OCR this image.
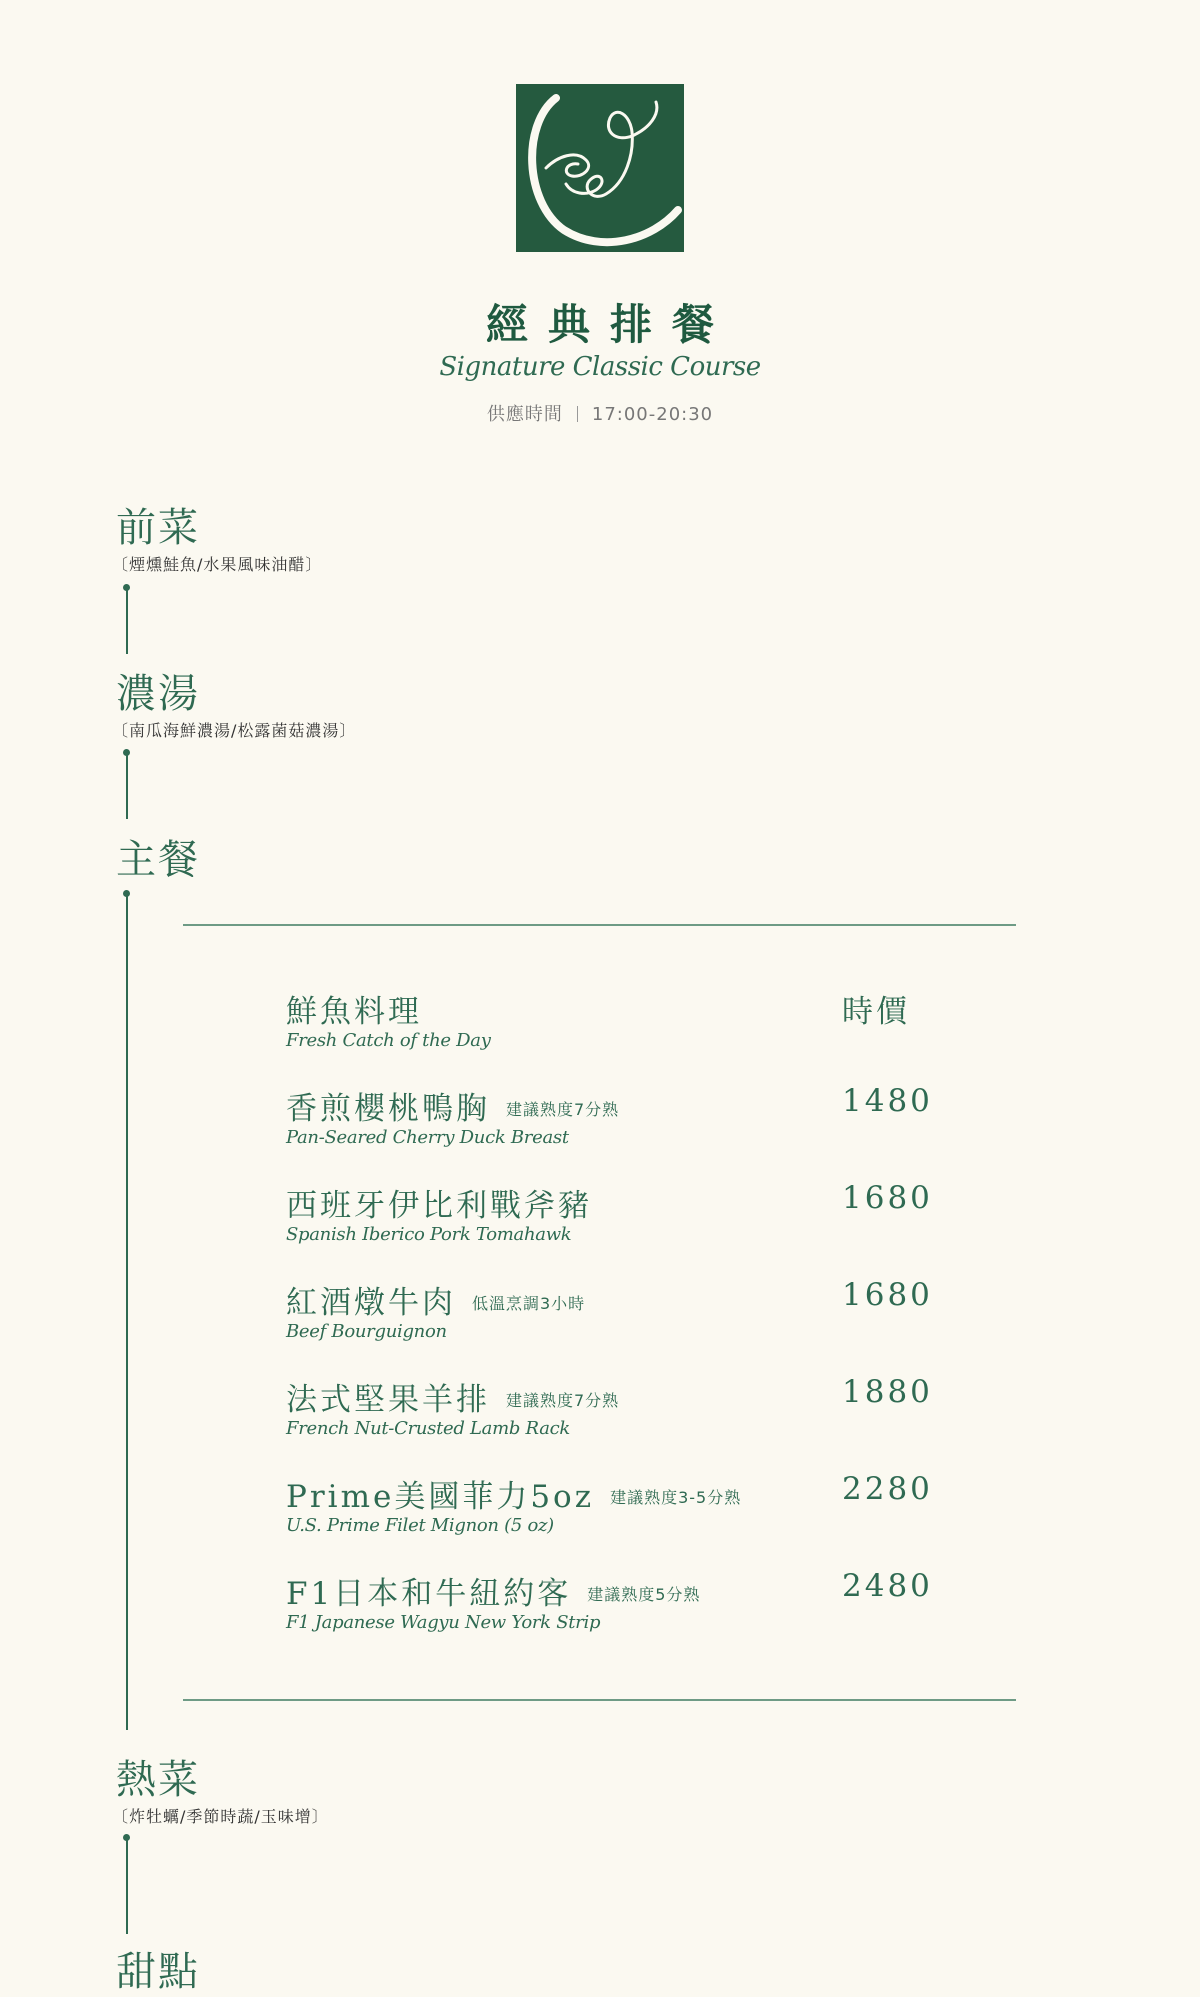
經典排餐
Signature Classic Course
供應時間 17:00-20:30
前菜
〔煙燻鮭魚/水果風味油醋〕
濃湯
〔南瓜海鮮濃湯/松露菌菇濃湯〕
主餐
鮮魚料理
Fresh Catch of the Day
時價
香煎櫻桃鴨胸 建議熟度7分熟
Pan-Seared Cherry Duck Breast
1480
西班牙伊比利戰斧豬
Spanish Iberico Pork Tomahawk
1680
紅酒燉牛肉 低溫烹調3小時
Beef Bourguignon
1680
法式堅果羊排 建議熟度7分熟
French Nut-Crusted Lamb Rack
1880
Prime美國菲力5oz 建議熟度3-5分熟
U.S. Prime Filet Mignon (5 oz)
2280
F1日本和牛紐約客 建議熟度5分熟
F1 Japanese Wagyu New York Strip
2480
熱菜
〔炸牡蠣/季節時蔬/玉味增〕
甜點
